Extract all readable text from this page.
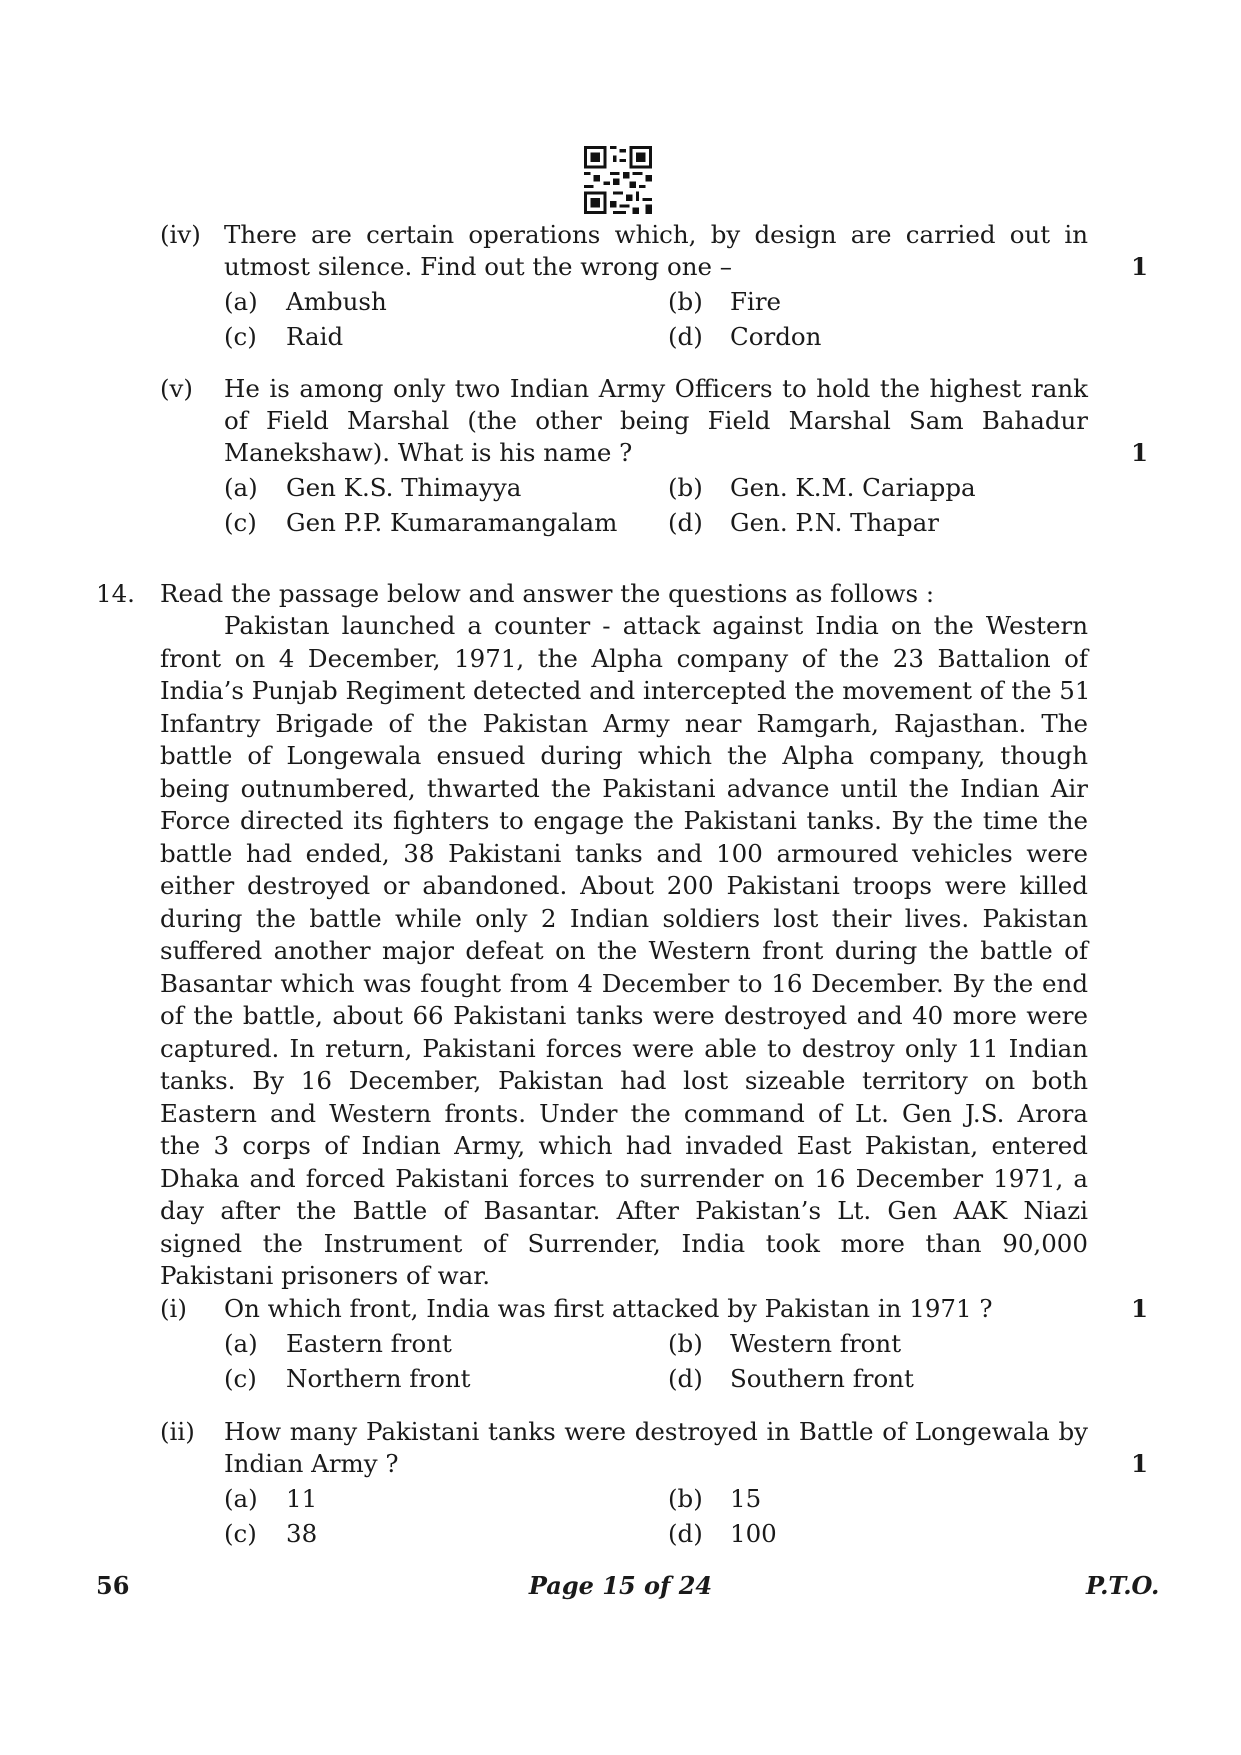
(iv) There are certain operations which, by design are carried out in
utmost silence. Find out the wrong one –	1
(a) Ambush	(b) Fire
(c) Raid	(d) Cordon
(v) He is among only two Indian Army Officers to hold the highest rank
of Field Marshal (the other being Field Marshal Sam Bahadur
Manekshaw). What is his name ?	1
(a) Gen K.S. Thimayya	(b) Gen. K.M. Cariappa
(c) Gen P.P. Kumaramangalam (d) Gen. P.N. Thapar
14. Read the passage below and answer the questions as follows :
Pakistan launched a counter - attack against India on the Western
front on 4 December, 1971, the Alpha company of the 23 Battalion of
India’s Punjab Regiment detected and intercepted the movement of the 51
Infantry Brigade of the Pakistan Army near Ramgarh, Rajasthan. The
battle of Longewala ensued during which the Alpha company, though
being outnumbered, thwarted the Pakistani advance until the Indian Air
Force directed its fighters to engage the Pakistani tanks. By the time the
battle had ended, 38 Pakistani tanks and 100 armoured vehicles were
either destroyed or abandoned. About 200 Pakistani troops were killed
during the battle while only 2 Indian soldiers lost their lives. Pakistan
suffered another major defeat on the Western front during the battle of
Basantar which was fought from 4 December to 16 December. By the end
of the battle, about 66 Pakistani tanks were destroyed and 40 more were
captured. In return, Pakistani forces were able to destroy only 11 Indian
tanks. By 16 December, Pakistan had lost sizeable territory on both
Eastern and Western fronts. Under the command of Lt. Gen J.S. Arora
the 3 corps of Indian Army, which had invaded East Pakistan, entered
Dhaka and forced Pakistani forces to surrender on 16 December 1971, a
day after the Battle of Basantar. After Pakistan’s Lt. Gen AAK Niazi
signed the Instrument of Surrender, India took more than 90,000
Pakistani prisoners of war.
(i) On which front, India was first attacked by Pakistan in 1971 ?	1
(a) Eastern front	(b) Western front
(c) Northern front	(d) Southern front
(ii) How many Pakistani tanks were destroyed in Battle of Longewala by
Indian Army ?	1
(a) 11	(b) 15
(c) 38	(d) 100
56	Page 15 of 24	P.T.O.
